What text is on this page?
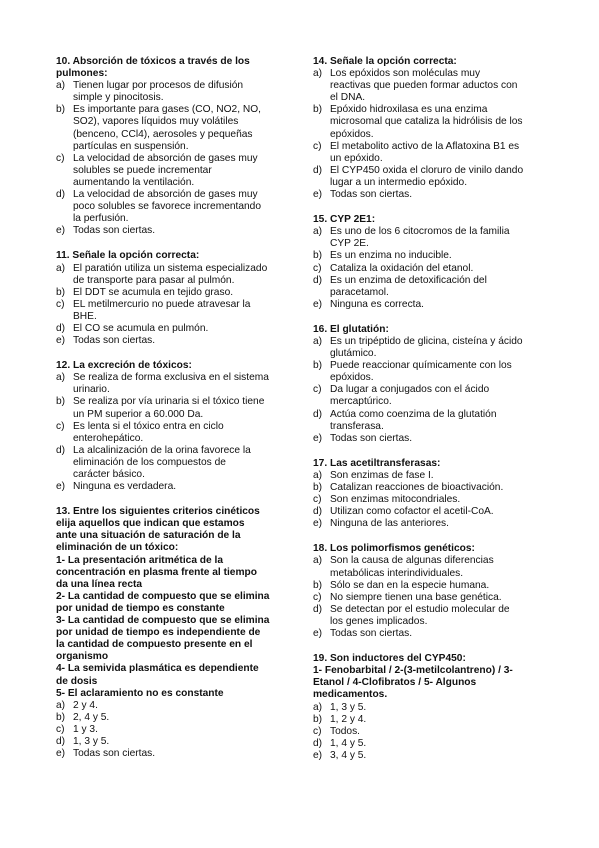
10. Absorción de tóxicos a través de los
pulmones:
a) Tienen lugar por procesos de difusión
simple y pinocitosis.
b) Es importante para gases (CO, NO2, NO,
SO2), vapores líquidos muy volátiles
(benceno, CCl4), aerosoles y pequeñas
partículas en suspensión.
c) La velocidad de absorción de gases muy
solubles se puede incrementar
aumentando la ventilación.
d) La velocidad de absorción de gases muy
poco solubles se favorece incrementando
la perfusión.
e) Todas son ciertas.
11. Señale la opción correcta:
a) El paratión utiliza un sistema especializado
de transporte para pasar al pulmón.
b) El DDT se acumula en tejido graso.
c) EL metilmercurio no puede atravesar la
BHE.
d) El CO se acumula en pulmón.
e) Todas son ciertas.
12. La excreción de tóxicos:
a) Se realiza de forma exclusiva en el sistema
urinario.
b) Se realiza por vía urinaria si el tóxico tiene
un PM superior a 60.000 Da.
c) Es lenta si el tóxico entra en ciclo
enterohepático.
d) La alcalinización de la orina favorece la
eliminación de los compuestos de
carácter básico.
e) Ninguna es verdadera.
13. Entre los siguientes criterios cinéticos
elija aquellos que indican que estamos
ante una situación de saturación de la
eliminación de un tóxico:
1- La presentación aritmética de la
concentración en plasma frente al tiempo
da una línea recta
2- La cantidad de compuesto que se elimina
por unidad de tiempo es constante
3- La cantidad de compuesto que se elimina
por unidad de tiempo es independiente de
la cantidad de compuesto presente en el
organismo
4- La semivida plasmática es dependiente
de dosis
5- El aclaramiento no es constante
a) 2 y 4.
b) 2, 4 y 5.
c) 1 y 3.
d) 1, 3 y 5.
e) Todas son ciertas.
14. Señale la opción correcta:
a) Los epóxidos son moléculas muy
reactivas que pueden formar aductos con
el DNA.
b) Epóxido hidroxilasa es una enzima
microsomal que cataliza la hidrólisis de los
epóxidos.
c) El metabolito activo de la Aflatoxina B1 es
un epóxido.
d) El CYP450 oxida el cloruro de vinilo dando
lugar a un intermedio epóxido.
e) Todas son ciertas.
15. CYP 2E1:
a) Es uno de los 6 citocromos de la familia
CYP 2E.
b) Es un enzima no inducible.
c) Cataliza la oxidación del etanol.
d) Es un enzima de detoxificación del
paracetamol.
e) Ninguna es correcta.
16. El glutatión:
a) Es un tripéptido de glicina, cisteína y ácido
glutámico.
b) Puede reaccionar químicamente con los
epóxidos.
c) Da lugar a conjugados con el ácido
mercaptúrico.
d) Actúa como coenzima de la glutatión
transferasa.
e) Todas son ciertas.
17. Las acetiltransferasas:
a) Son enzimas de fase I.
b) Catalizan reacciones de bioactivación.
c) Son enzimas mitocondriales.
d) Utilizan como cofactor el acetil-CoA.
e) Ninguna de las anteriores.
18. Los polimorfismos genéticos:
a) Son la causa de algunas diferencias
metabólicas interindividuales.
b) Sólo se dan en la especie humana.
c) No siempre tienen una base genética.
d) Se detectan por el estudio molecular de
los genes implicados.
e) Todas son ciertas.
19. Son inductores del CYP450:
1- Fenobarbital / 2-(3-metilcolantreno) / 3-
Etanol / 4-Clofibratos / 5- Algunos
medicamentos.
a) 1, 3 y 5.
b) 1, 2 y 4.
c) Todos.
d) 1, 4 y 5.
e) 3, 4 y 5.
